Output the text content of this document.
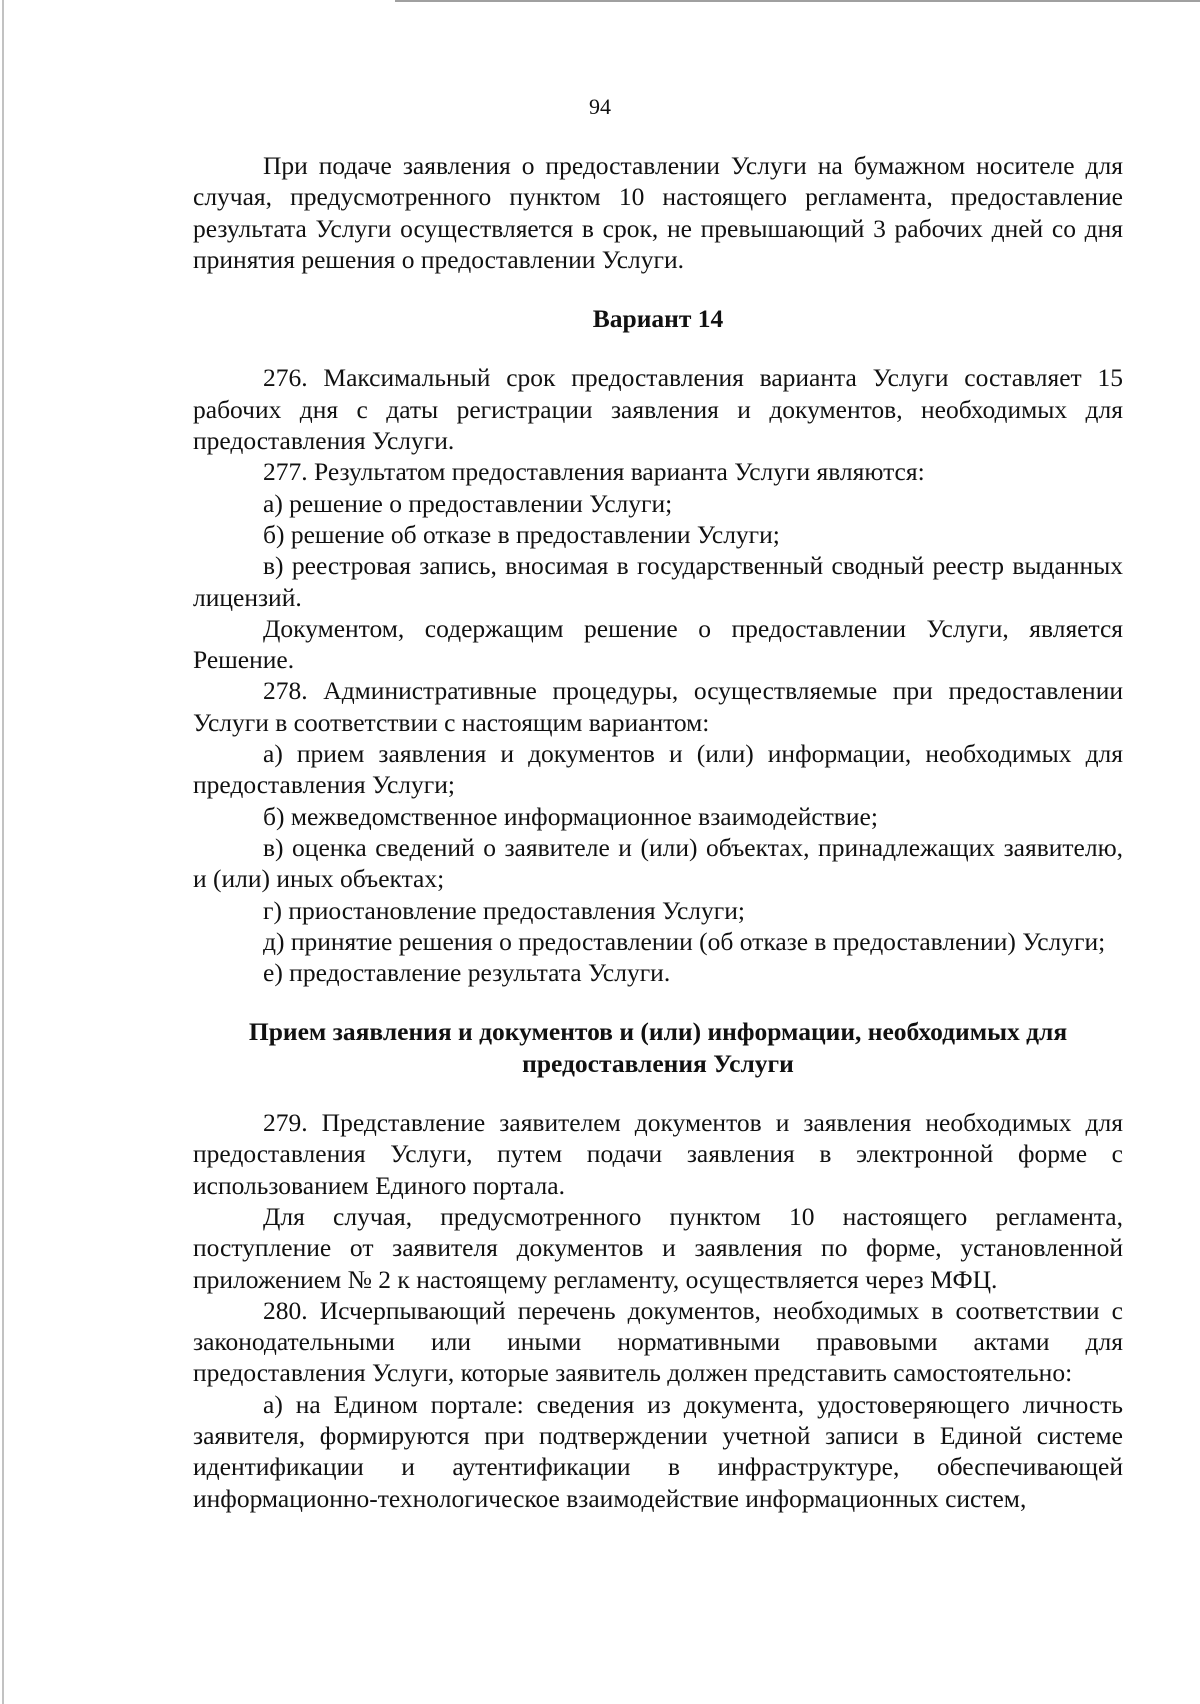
94

При подаче заявления о предоставлении Услуги на бумажном носителе для случая, предусмотренного пунктом 10 настоящего регламента, предоставление результата Услуги осуществляется в срок, не превышающий 3 рабочих дней со дня принятия решения о предоставлении Услуги.

Вариант 14

276. Максимальный срок предоставления варианта Услуги составляет 15 рабочих дня с даты регистрации заявления и документов, необходимых для предоставления Услуги.

277. Результатом предоставления варианта Услуги являются:

а) решение о предоставлении Услуги;

б) решение об отказе в предоставлении Услуги;

в) реестровая запись, вносимая в государственный сводный реестр выданных лицензий.

Документом, содержащим решение о предоставлении Услуги, является Решение.

278. Административные процедуры, осуществляемые при предоставлении Услуги в соответствии с настоящим вариантом:

а) прием заявления и документов и (или) информации, необходимых для предоставления Услуги;

б) межведомственное информационное взаимодействие;

в) оценка сведений о заявителе и (или) объектах, принадлежащих заявителю, и (или) иных объектах;

г) приостановление предоставления Услуги;

д) принятие решения о предоставлении (об отказе в предоставлении) Услуги;

е) предоставление результата Услуги.

Прием заявления и документов и (или) информации, необходимых для предоставления Услуги

279. Представление заявителем документов и заявления необходимых для предоставления Услуги, путем подачи заявления в электронной форме с использованием Единого портала.

Для случая, предусмотренного пунктом 10 настоящего регламента, поступление от заявителя документов и заявления по форме, установленной приложением № 2 к настоящему регламенту, осуществляется через МФЦ.

280. Исчерпывающий перечень документов, необходимых в соответствии с законодательными или иными нормативными правовыми актами для предоставления Услуги, которые заявитель должен представить самостоятельно:

а) на Едином портале: сведения из документа, удостоверяющего личность заявителя, формируются при подтверждении учетной записи в Единой системе идентификации и аутентификации в инфраструктуре, обеспечивающей информационно-технологическое взаимодействие информационных систем,
